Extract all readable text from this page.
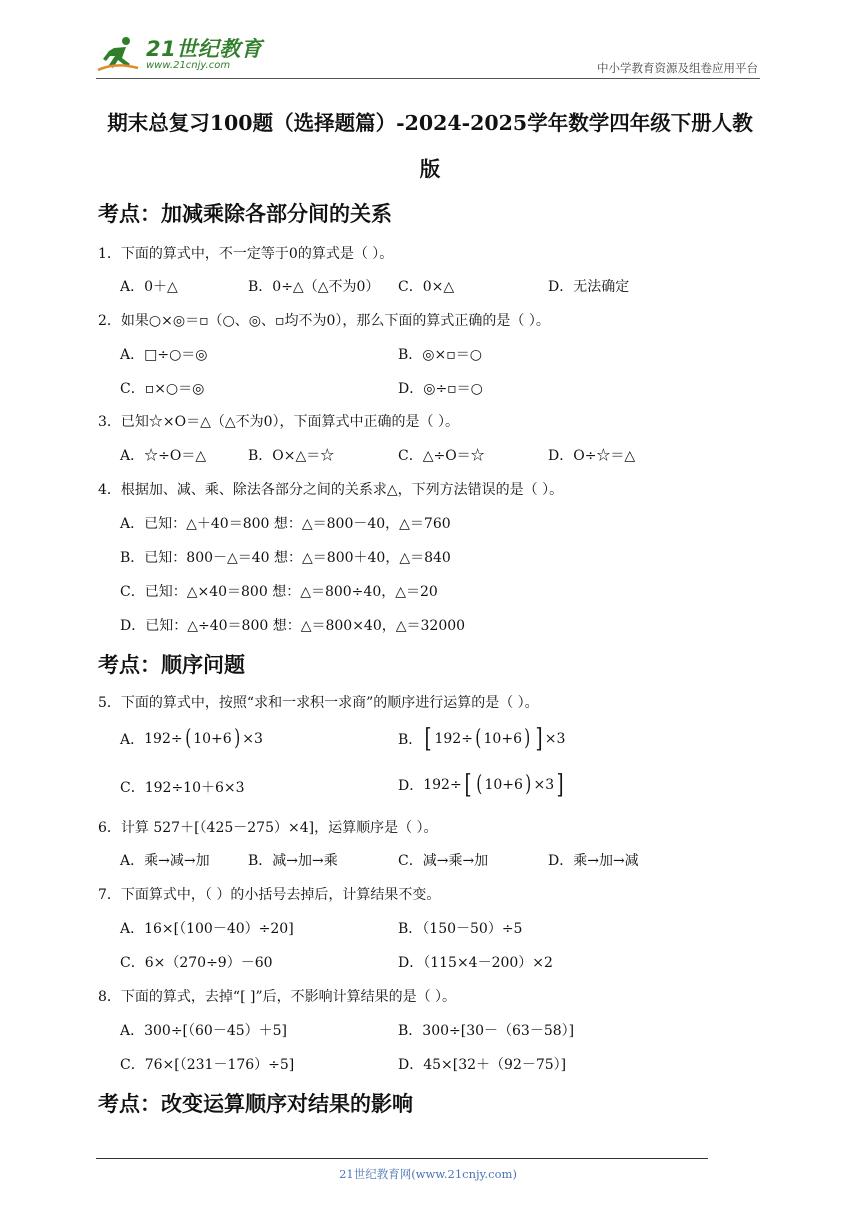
21世纪教育
www.21cnjy.com	中小学教育资源及组卷应用平台
期末总复习100题（选择题篇）-2024-2025学年数学四年级下册人教
版
考点：加减乘除各部分间的关系
1．下面的算式中，不一定等于0的算式是（ ）。
A．0＋△	B．0÷△（△不为0） C．0×△	D．无法确定
2．如果○×◎＝▫（○、◎、▫均不为0），那么下面的算式正确的是（ ）。
A．□÷○＝◎	B．◎×▫＝○
C．▫×○＝◎	D．◎÷▫＝○
3．已知☆×O＝△（△不为0），下面算式中正确的是（ ）。
A．☆÷O＝△	B．O×△＝☆	C．△÷O＝☆	D．O÷☆＝△
4．根据加、减、乘、除法各部分之间的关系求△，下列方法错误的是（ ）。
A．已知：△＋40＝800 想：△＝800－40，△＝760
B．已知：800－△＝40 想：△＝800＋40，△＝840
C．已知：△×40＝800 想：△＝800÷40，△＝20
D．已知：△÷40＝800 想：△＝800×40，△＝32000
考点：顺序问题
5．下面的算式中，按照“求和一求积一求商”的顺序进行运算的是（ ）。
A． 192 ÷ ( 10 + 6 ) × 3	B． [ 192 ÷ ( 10 + 6 ) ] × 3
C．192÷10＋6×3	D． 192 ÷ [ ( 10 + 6 ) × 3 ]
6．计算 527＋[（425－275）×4]，运算顺序是（ ）。
A．乘→减→加	B．减→加→乘	C．减→乘→加	D．乘→加→减
7．下面算式中，（ ）的小括号去掉后，计算结果不变。
A．16×[（100－40）÷20]	B．（150－50）÷5
C．6×（270÷9）－60	D．（115×4－200）×2
8．下面的算式，去掉“[ ]”后，不影响计算结果的是（ ）。
A．300÷[（60－45）＋5]	B．300÷[30－（63－58）]
C．76×[（231－176）÷5]	D．45×[32＋（92－75）]
考点：改变运算顺序对结果的影响
21世纪教育网(www.21cnjy.com)
